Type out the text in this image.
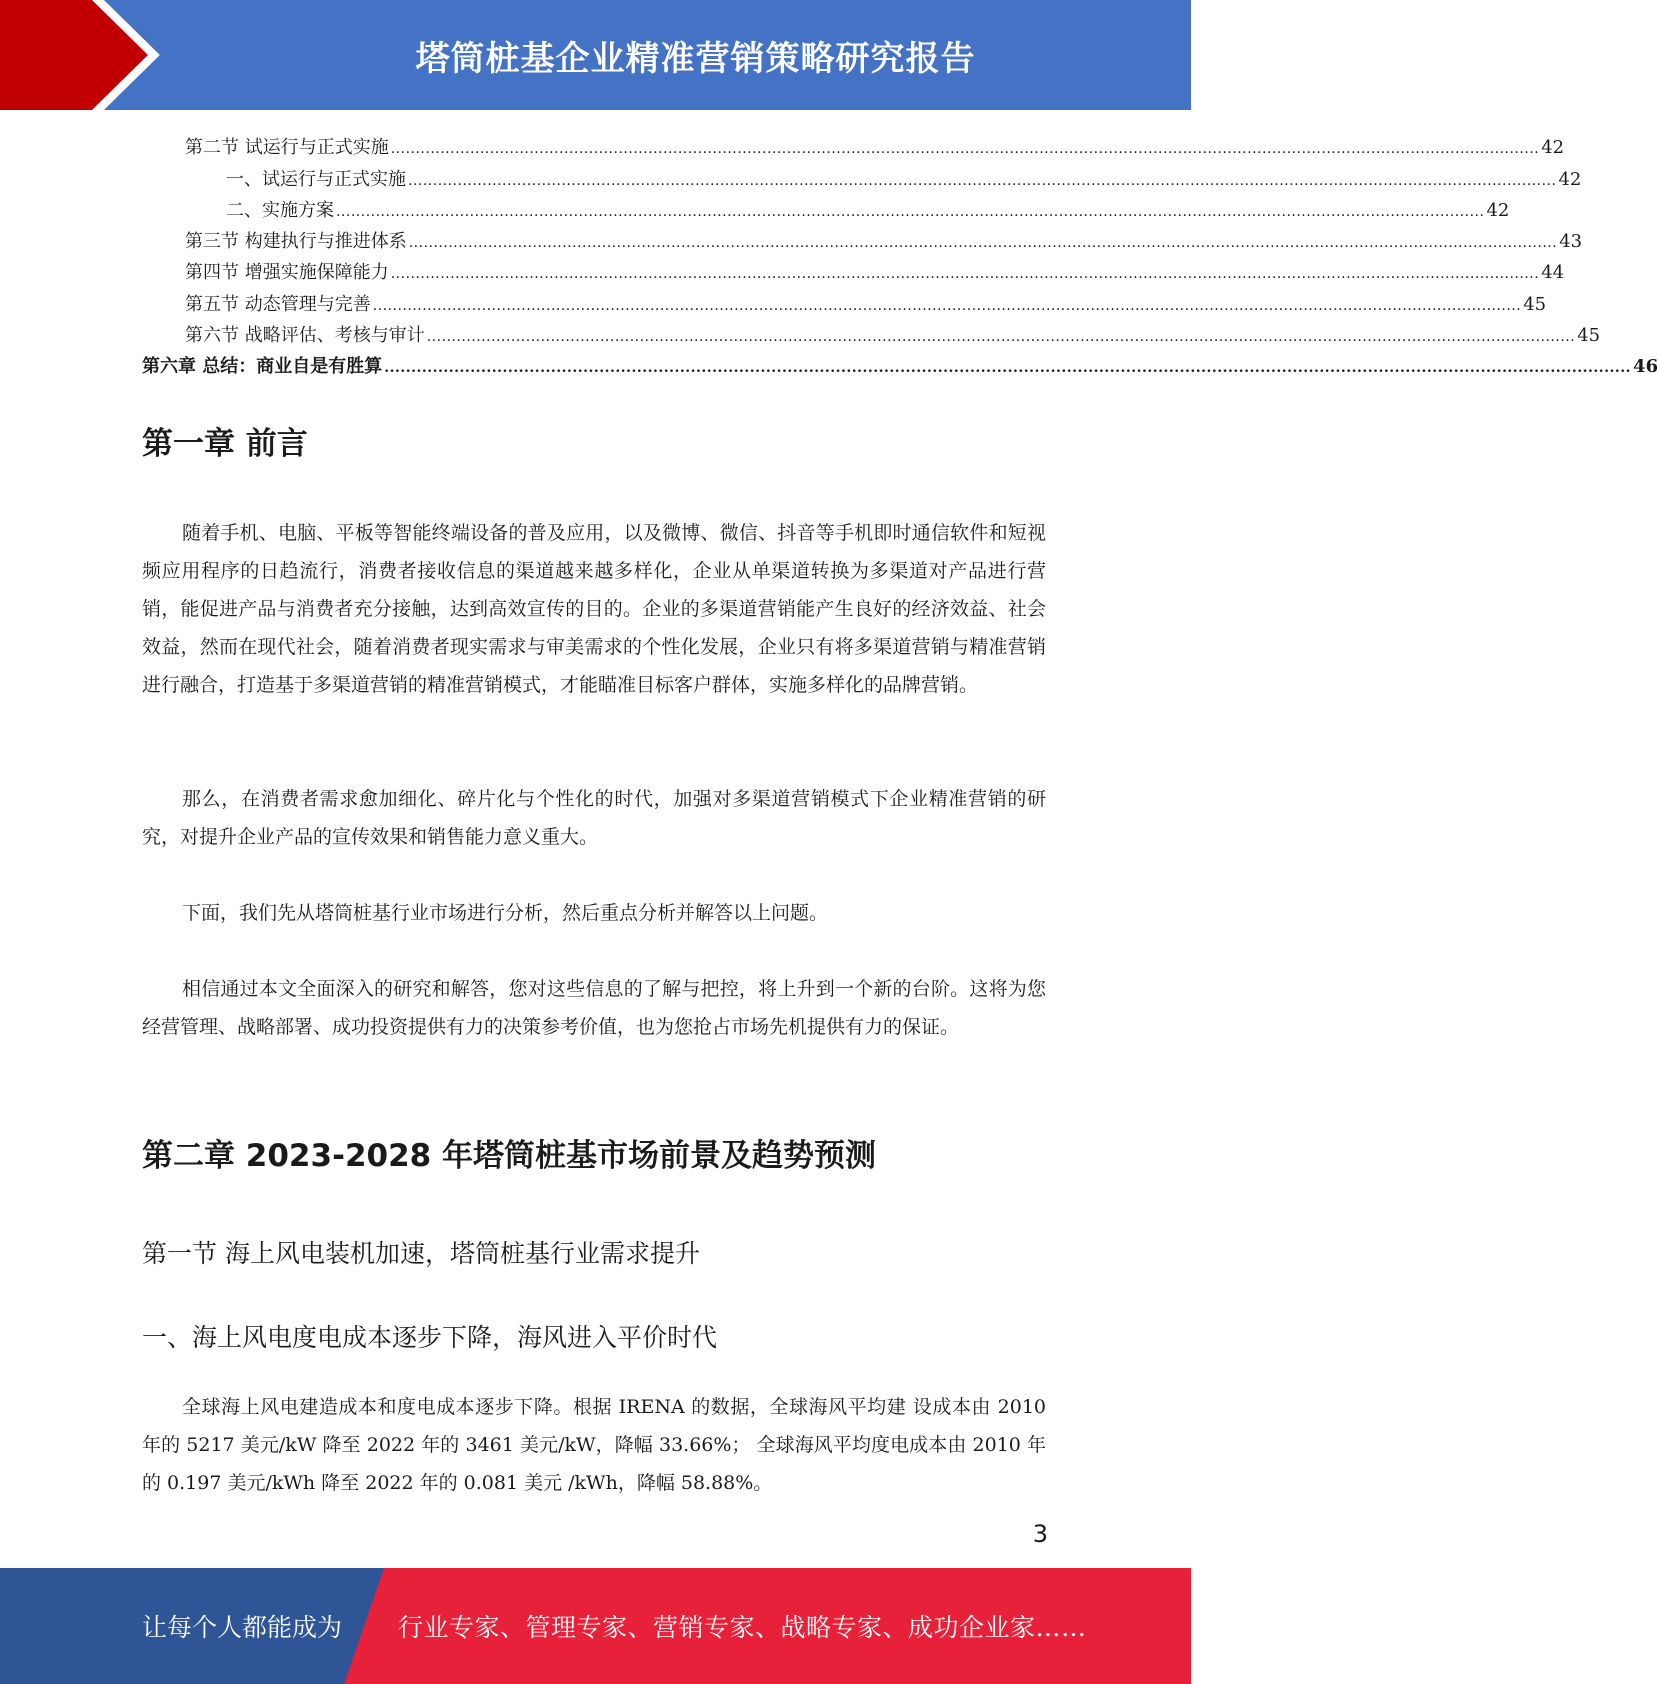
塔筒桩基企业精准营销策略研究报告
第二节 试运行与正式实施 ........................................................................................................................................................................................................................................ 42
一、试运行与正式实施 ........................................................................................................................................................................................................................................ 42
二、实施方案 ........................................................................................................................................................................................................................................ 42
第三节 构建执行与推进体系 ........................................................................................................................................................................................................................................ 43
第四节 增强实施保障能力 ........................................................................................................................................................................................................................................ 44
第五节 动态管理与完善 ........................................................................................................................................................................................................................................ 45
第六节 战略评估、考核与审计 ........................................................................................................................................................................................................................................ 45
第六章 总结：商业自是有胜算 ........................................................................................................................................................................................................................................ 46
第一章 前言

随着手机、电脑、平板等智能终端设备的普及应用，以及微博、微信、抖音等手机即时通信软件和短视频应用程序的日趋流行，消费者接收信息的渠道越来越多样化，企业从单渠道转换为多渠道对产品进行营销，能促进产品与消费者充分接触，达到高效宣传的目的。企业的多渠道营销能产生良好的经济效益、社会效益，然而在现代社会，随着消费者现实需求与审美需求的个性化发展，企业只有将多渠道营销与精准营销进行融合，打造基于多渠道营销的精准营销模式，才能瞄准目标客户群体，实施多样化的品牌营销。

那么，在消费者需求愈加细化、碎片化与个性化的时代，加强对多渠道营销模式下企业精准营销的研究，对提升企业产品的宣传效果和销售能力意义重大。

下面，我们先从塔筒桩基行业市场进行分析，然后重点分析并解答以上问题。

相信通过本文全面深入的研究和解答，您对这些信息的了解与把控，将上升到一个新的台阶。这将为您经营管理、战略部署、成功投资提供有力的决策参考价值，也为您抢占市场先机提供有力的保证。

第二章 2023-2028 年塔筒桩基市场前景及趋势预测
第一节 海上风电装机加速，塔筒桩基行业需求提升
一、海上风电度电成本逐步下降，海风进入平价时代

全球海上风电建造成本和度电成本逐步下降。根据 IRENA 的数据，全球海风平均建 设成本由 2010 年的 5217 美元/kW 降至 2022 年的 3461 美元/kW，降幅 33.66%； 全球海风平均度电成本由 2010 年的 0.197 美元/kWh 降至 2022 年的 0.081 美元 /kWh，降幅 58.88%。

3
让每个人都能成为 行业专家、管理专家、营销专家、战略专家、成功企业家……
